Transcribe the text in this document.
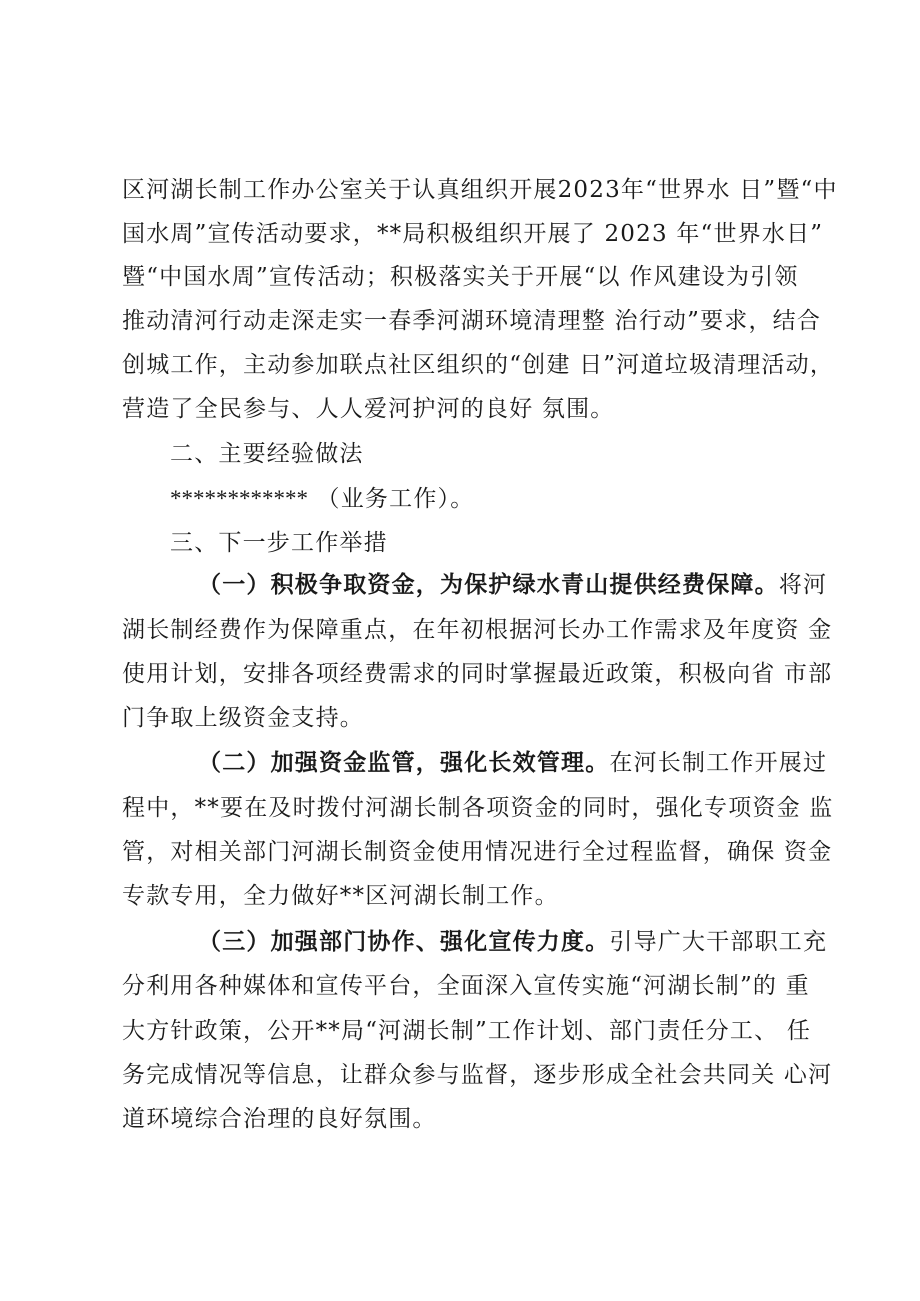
区河湖长制工作办公室关于认真组织开展2023年“世界水 日”暨“中
国水周”宣传活动要求，**局积极组织开展了 2023 年“世界水日”
暨“中国水周”宣传活动；积极落实关于开展“以 作风建设为引领
推动清河行动走深走实一春季河湖环境清理整 治行动”要求，结合
创城工作，主动参加联点社区组织的“创建 日”河道垃圾清理活动，
营造了全民参与、人人爱河护河的良好 氛围。
二、主要经验做法
************ （业务工作）。
三、下一步工作举措
（一）积极争取资金，为保护绿水青山提供经费保障。将河
湖长制经费作为保障重点，在年初根据河长办工作需求及年度资 金
使用计划，安排各项经费需求的同时掌握最近政策，积极向省 市部
门争取上级资金支持。
（二）加强资金监管，强化长效管理。在河长制工作开展过
程中，**要在及时拨付河湖长制各项资金的同时，强化专项资金 监
管，对相关部门河湖长制资金使用情况进行全过程监督，确保 资金
专款专用，全力做好**区河湖长制工作。
（三）加强部门协作、强化宣传力度。引导广大干部职工充
分利用各种媒体和宣传平台，全面深入宣传实施“河湖长制”的 重
大方针政策，公开**局“河湖长制”工作计划、部门责任分工、 任
务完成情况等信息，让群众参与监督，逐步形成全社会共同关 心河
道环境综合治理的良好氛围。
